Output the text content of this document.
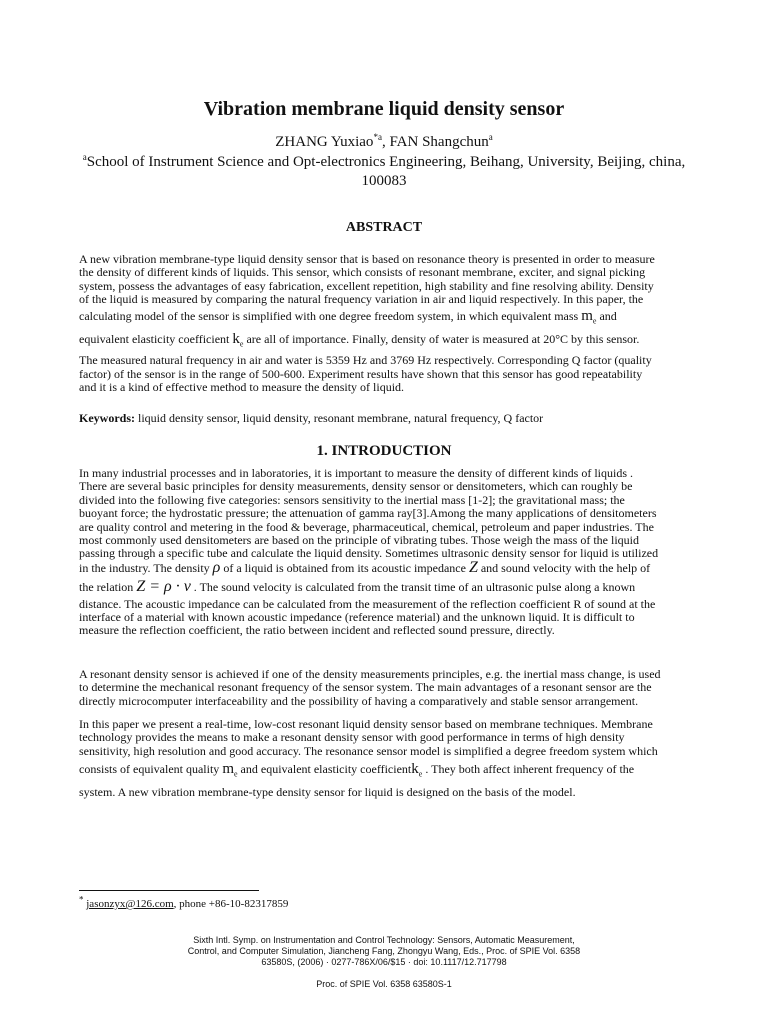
Vibration membrane liquid density sensor
ZHANG Yuxiao$^{*a}$, FAN Shangchun$^a$
$^a$School of Instrument Science and Opt-electronics Engineering, Beihang, University, Beijing, china,
100083
ABSTRACT
A new vibration membrane-type liquid density sensor that is based on resonance theory is presented in order to measure
the density of different kinds of liquids. This sensor, which consists of resonant membrane, exciter, and signal picking
system, possess the advantages of easy fabrication, excellent repetition, high stability and fine resolving ability. Density
of the liquid is measured by comparing the natural frequency variation in air and liquid respectively. In this paper, the
calculating model of the sensor is simplified with one degree freedom system, in which equivalent mass $m_e$ and
equivalent elasticity coefficient $k_e$ are all of importance. Finally, density of water is measured at 20°C by this sensor.
The measured natural frequency in air and water is 5359 Hz and 3769 Hz respectively. Corresponding Q factor (quality
factor) of the sensor is in the range of 500-600. Experiment results have shown that this sensor has good repeatability
and it is a kind of effective method to measure the density of liquid.
Keywords: liquid density sensor, liquid density, resonant membrane, natural frequency, Q factor
1. INTRODUCTION
In many industrial processes and in laboratories, it is important to measure the density of different kinds of liquids .
There are several basic principles for density measurements, density sensor or densitometers, which can roughly be
divided into the following five categories: sensors sensitivity to the inertial mass [1-2]; the gravitational mass; the
buoyant force; the hydrostatic pressure; the attenuation of gamma ray[3].Among the many applications of densitometers
are quality control and metering in the food & beverage, pharmaceutical, chemical, petroleum and paper industries. The
most commonly used densitometers are based on the principle of vibrating tubes. Those weigh the mass of the liquid
passing through a specific tube and calculate the liquid density. Sometimes ultrasonic density sensor for liquid is utilized
in the industry. The density ρ of a liquid is obtained from its acoustic impedance Z and sound velocity with the help of
the relation Z = ρ · v . The sound velocity is calculated from the transit time of an ultrasonic pulse along a known
distance. The acoustic impedance can be calculated from the measurement of the reflection coefficient R of sound at the
interface of a material with known acoustic impedance (reference material) and the unknown liquid. It is difficult to
measure the reflection coefficient, the ratio between incident and reflected sound pressure, directly.
A resonant density sensor is achieved if one of the density measurements principles, e.g. the inertial mass change, is used
to determine the mechanical resonant frequency of the sensor system. The main advantages of a resonant sensor are the
directly microcomputer interfaceability and the possibility of having a comparatively and stable sensor arrangement.
In this paper we present a real-time, low-cost resonant liquid density sensor based on membrane techniques. Membrane
technology provides the means to make a resonant density sensor with good performance in terms of high density
sensitivity, high resolution and good accuracy. The resonance sensor model is simplified a degree freedom system which
consists of equivalent quality $m_e$ and equivalent elasticity coefficientk$_e$ . They both affect inherent frequency of the
system. A new vibration membrane-type density sensor for liquid is designed on the basis of the model.
* jasonzyx@126.com, phone +86-10-82317859
Sixth Intl. Symp. on Instrumentation and Control Technology: Sensors, Automatic Measurement,
Control, and Computer Simulation, Jiancheng Fang, Zhongyu Wang, Eds., Proc. of SPIE Vol. 6358
63580S, (2006) · 0277-786X/06/$15 · doi: 10.1117/12.717798
Proc. of SPIE Vol. 6358 63580S-1
